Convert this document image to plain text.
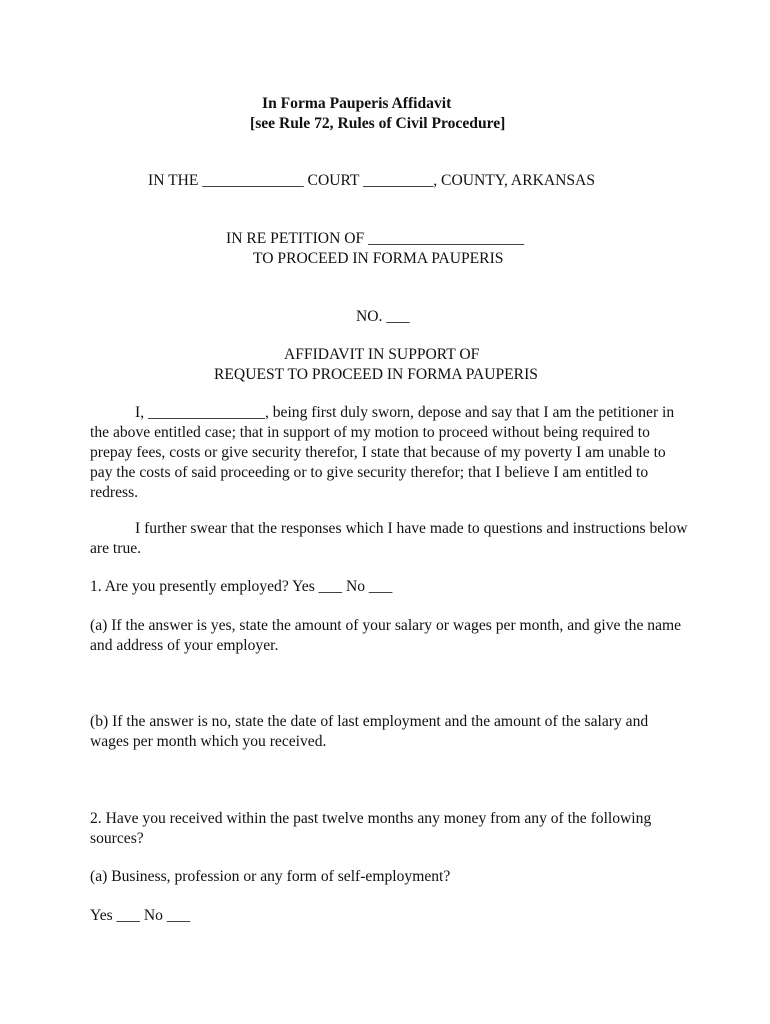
In Forma Pauperis Affidavit
[see Rule 72, Rules of Civil Procedure]
IN THE _____________ COURT _________, COUNTY, ARKANSAS
IN RE PETITION OF ____________________
TO PROCEED IN FORMA PAUPERIS
NO. ___
AFFIDAVIT IN SUPPORT OF
REQUEST TO PROCEED IN FORMA PAUPERIS
I, _______________, being first duly sworn, depose and say that I am the petitioner in the above entitled case; that in support of my motion to proceed without being required to prepay fees, costs or give security therefor, I state that because of my poverty I am unable to pay the costs of said proceeding or to give security therefor; that I believe I am entitled to redress.
I further swear that the responses which I have made to questions and instructions below are true.
1. Are you presently employed? Yes ___ No ___
(a) If the answer is yes, state the amount of your salary or wages per month, and give the name and address of your employer.
(b) If the answer is no, state the date of last employment and the amount of the salary and wages per month which you received.
2. Have you received within the past twelve months any money from any of the following sources?
(a) Business, profession or any form of self-employment?
Yes ___ No ___
